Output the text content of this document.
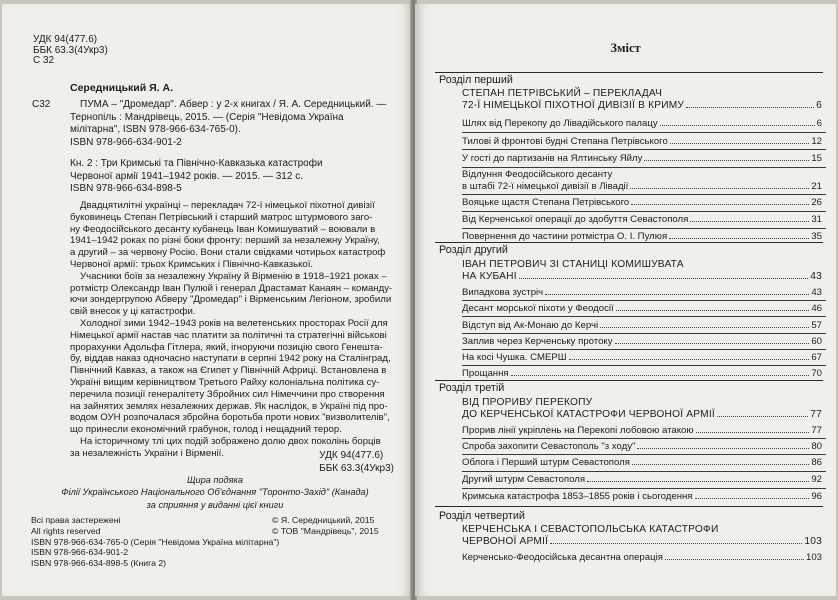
УДК 94(477.6)
ББК 63.3(4Укр3)
С 32
Середницький Я. А.
С32	ПУМА – "Дромедар". Абвер : у 2-х книгах / Я. А. Середницький. —
Тернопіль : Мандрівець, 2015. — (Серія "Невідома Україна
мілітарна", ISBN 978-966-634-765-0).
ISBN 978-966-634-901-2
Кн. 2 : Три Кримські та Північно-Кавказька катастрофи
Червоної армії 1941–1942 років. — 2015. — 312 с.
ISBN 978-966-634-898-5
Двадцятилітні українці – перекладач 72-ї німецької піхотної дивізії
буковинець Степан Петрівський і старший матрос штурмового заго-
ну Феодосійського десанту кубанець Іван Комишуватий – воювали в
1941–1942 роках по різні боки фронту: перший за незалежну Україну,
а другий – за червону Росію. Вони стали свідками чотирьох катастроф
Червоної армії: трьох Кримських і Північно-Кавказької.
Учасники боїв за незалежну Україну й Вірменію в 1918–1921 роках –
ротмістр Олександр Іван Пулюй і генерал Драстамат Канаян – команду-
ючи зондергрупою Абверу "Дромедар" і Вірменським Легіоном, зробили
свій внесок у ці катастрофи.
Холодної зими 1942–1943 років на велетенських просторах Росії для
Німецької армії настав час платити за політичні та стратегічні військові
прорахунки Адольфа Гітлера, який, ігноруючи позицію свого Генешта-
бу, віддав наказ одночасно наступати в серпні 1942 року на Сталінград,
Північний Кавказ, а також на Єгипет у Північній Африці. Встановлена в
Україні вищим керівництвом Третього Райху колоніальна політика су-
перечила позиції генералітету Збройних сил Німеччини про створення
на зайнятих землях незалежних держав. Як наслідок, в Україні під про-
водом ОУН розпочалася збройна боротьба проти нових "визволителів",
що принесли економічний грабунок, голод і нещадний терор.
На історичному тлі цих подій зображено долю двох поколінь борців
за незалежність України і Вірменії.	УДК 94(477.6)
ББК 63.3(4Укр3)
Щира подяка
Філії Українського Національного Об'єднання "Торонто-Захід" (Канада)
за сприяння у виданні цієї книги
Всі права застережені
All rights reserved
ISBN 978-966-634-765-0 (Серія "Невідома Україна мілітарна")
ISBN 978-966-634-901-2
ISBN 978-966-634-898-5 (Книга 2)
© Я. Середницький, 2015
© ТОВ "Мандрівець", 2015
Зміст
Розділ перший
СТЕПАН ПЕТРІВСЬКИЙ – ПЕРЕКЛАДАЧ
72-Ї НІМЕЦЬКОЇ ПІХОТНОЇ ДИВІЗІЇ В КРИМУ	6
Шлях від Перекопу до Лівадійського палацу	6
Тилові й фронтові будні Степана Петрівського	12
У гості до партизанів на Ялтинську Яйлу	15
Відлуння Феодосійського десанту
в штабі 72-ї німецької дивізії в Лівадії	21
Вояцьке щастя Степана Петрівського	26
Від Керченської операції до здобуття Севастополя	31
Повернення до частини ротмістра О. І. Пулюя	35
Розділ другий
ІВАН ПЕТРОВИЧ ЗІ СТАНИЦІ КОМИШУВАТА
НА КУБАНІ	43
Випадкова зустріч	43
Десант морської піхоти у Феодосії	46
Відступ від Ак-Монаю до Керчі	57
Заплив через Керченську протоку	60
На косі Чушка. СМЕРШ	67
Прощання	70
Розділ третій
ВІД ПРОРИВУ ПЕРЕКОПУ
ДО КЕРЧЕНСЬКОЇ КАТАСТРОФИ ЧЕРВОНОЇ АРМІЇ	77
Прорив лінії укріплень на Перекопі лобовою атакою	77
Спроба захопити Севастополь "з ходу"	80
Облога і Перший штурм Севастополя	86
Другий штурм Севастополя	92
Кримська катастрофа 1853–1855 років і сьогодення	96
Розділ четвертий
КЕРЧЕНСЬКА І СЕВАСТОПОЛЬСЬКА КАТАСТРОФИ
ЧЕРВОНОЇ АРМІЇ	103
Керченсько-Феодосійська десантна операція	103
